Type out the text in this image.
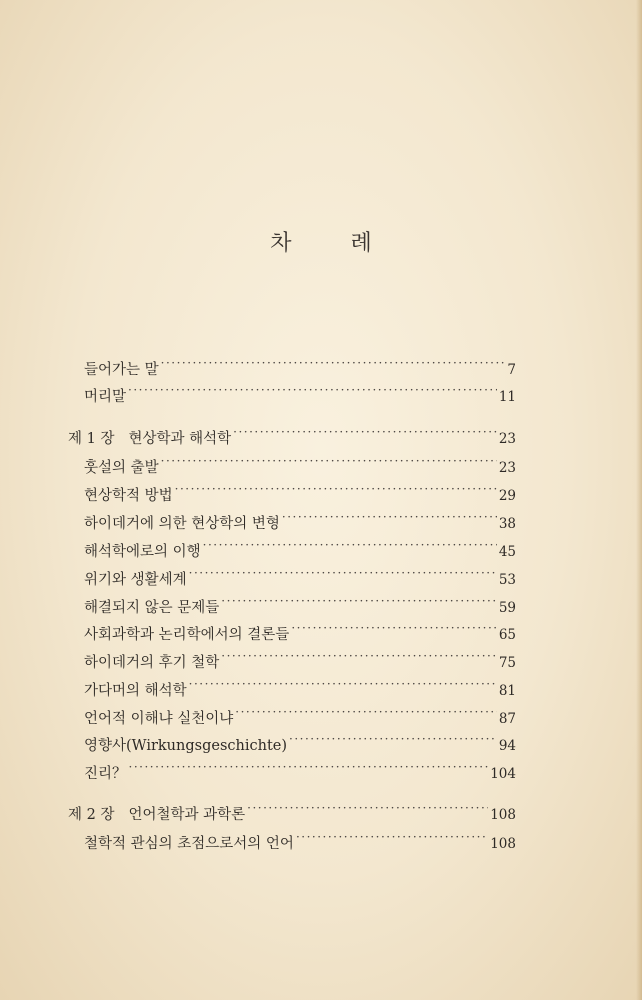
차 례
들어가는 말 ·····	7
머리말 ·····	11
제 1 장 현상학과 해석학 ·····	23
훗설의 출발 ·····	23
현상학적 방법 ·····	29
하이데거에 의한 현상학의 변형 ·····	38
해석학에로의 이행 ·····	45
위기와 생활세계 ·····	53
해결되지 않은 문제들 ·····	59
사회과학과 논리학에서의 결론들 ·····	65
하이데거의 후기 철학 ·····	75
가다머의 해석학 ·····	81
언어적 이해냐 실천이냐 ·····	87
영향사(Wirkungsgeschichte) ·····	94
진리？ ·····	104
제 2 장 언어철학과 과학론 ·····	108
철학적 관심의 초점으로서의 언어 ·····	108
